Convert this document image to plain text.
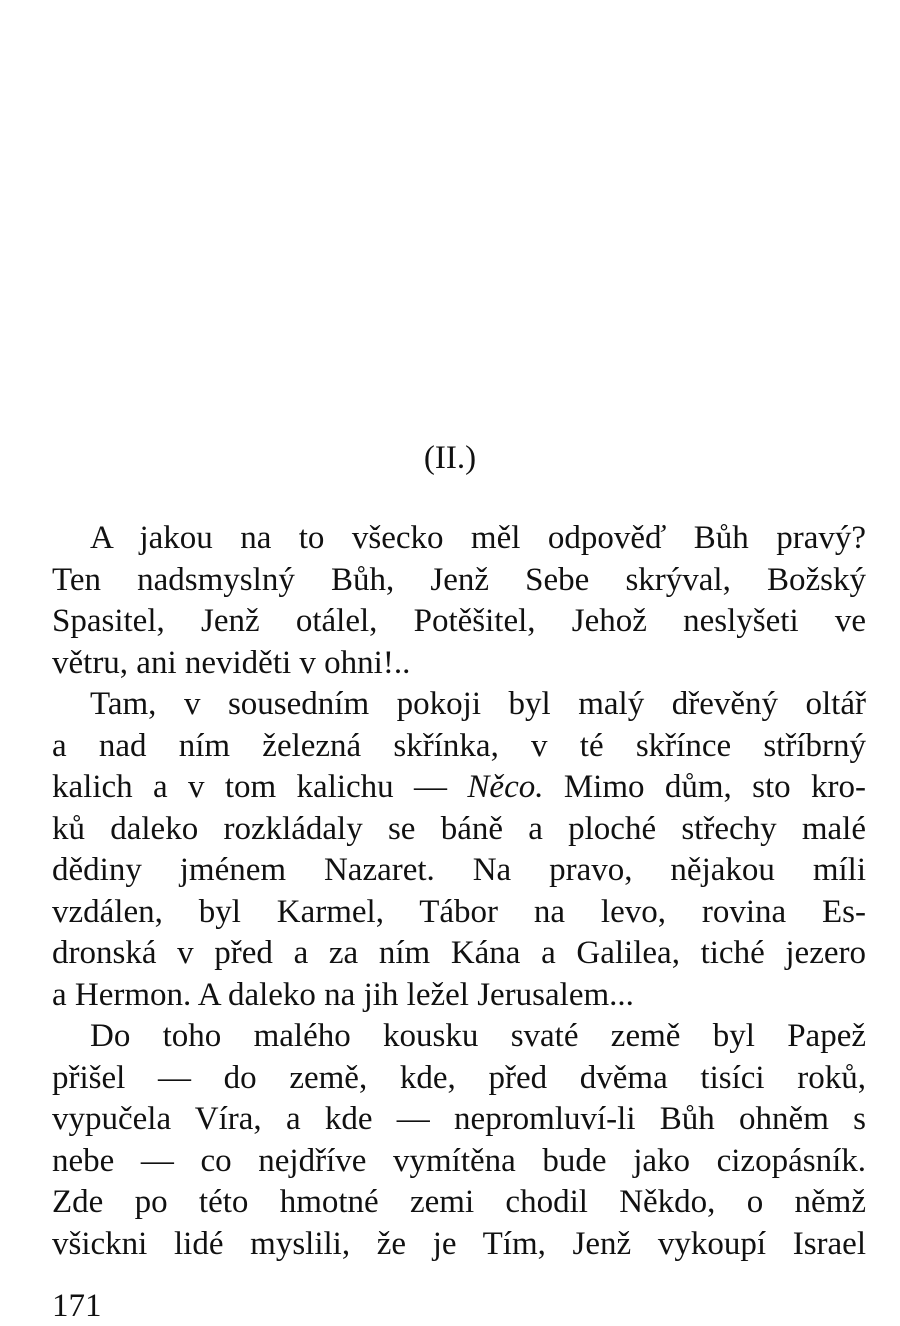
(II.)
A jakou na to všecko měl odpověď Bůh pravý?
Ten nadsmyslný Bůh, Jenž Sebe skrýval, Božský
Spasitel, Jenž otálel, Potěšitel, Jehož neslyšeti ve
větru, ani neviděti v ohni!..
Tam, v sousedním pokoji byl malý dřevěný oltář
a nad ním železná skřínka, v té skřínce stříbrný
kalich a v tom kalichu — Něco. Mimo dům, sto kro-
ků daleko rozkládaly se báně a ploché střechy malé
dědiny jménem Nazaret. Na pravo, nějakou míli
vzdálen, byl Karmel, Tábor na levo, rovina Es-
dronská v před a za ním Kána a Galilea, tiché jezero
a Hermon. A daleko na jih ležel Jerusalem...
Do toho malého kousku svaté země byl Papež
přišel — do země, kde, před dvěma tisíci roků,
vypučela Víra, a kde — nepromluví-li Bůh ohněm s
nebe — co nejdříve vymítěna bude jako cizopásník.
Zde po této hmotné zemi chodil Někdo, o němž
všickni lidé myslili, že je Tím, Jenž vykoupí Israel
171
